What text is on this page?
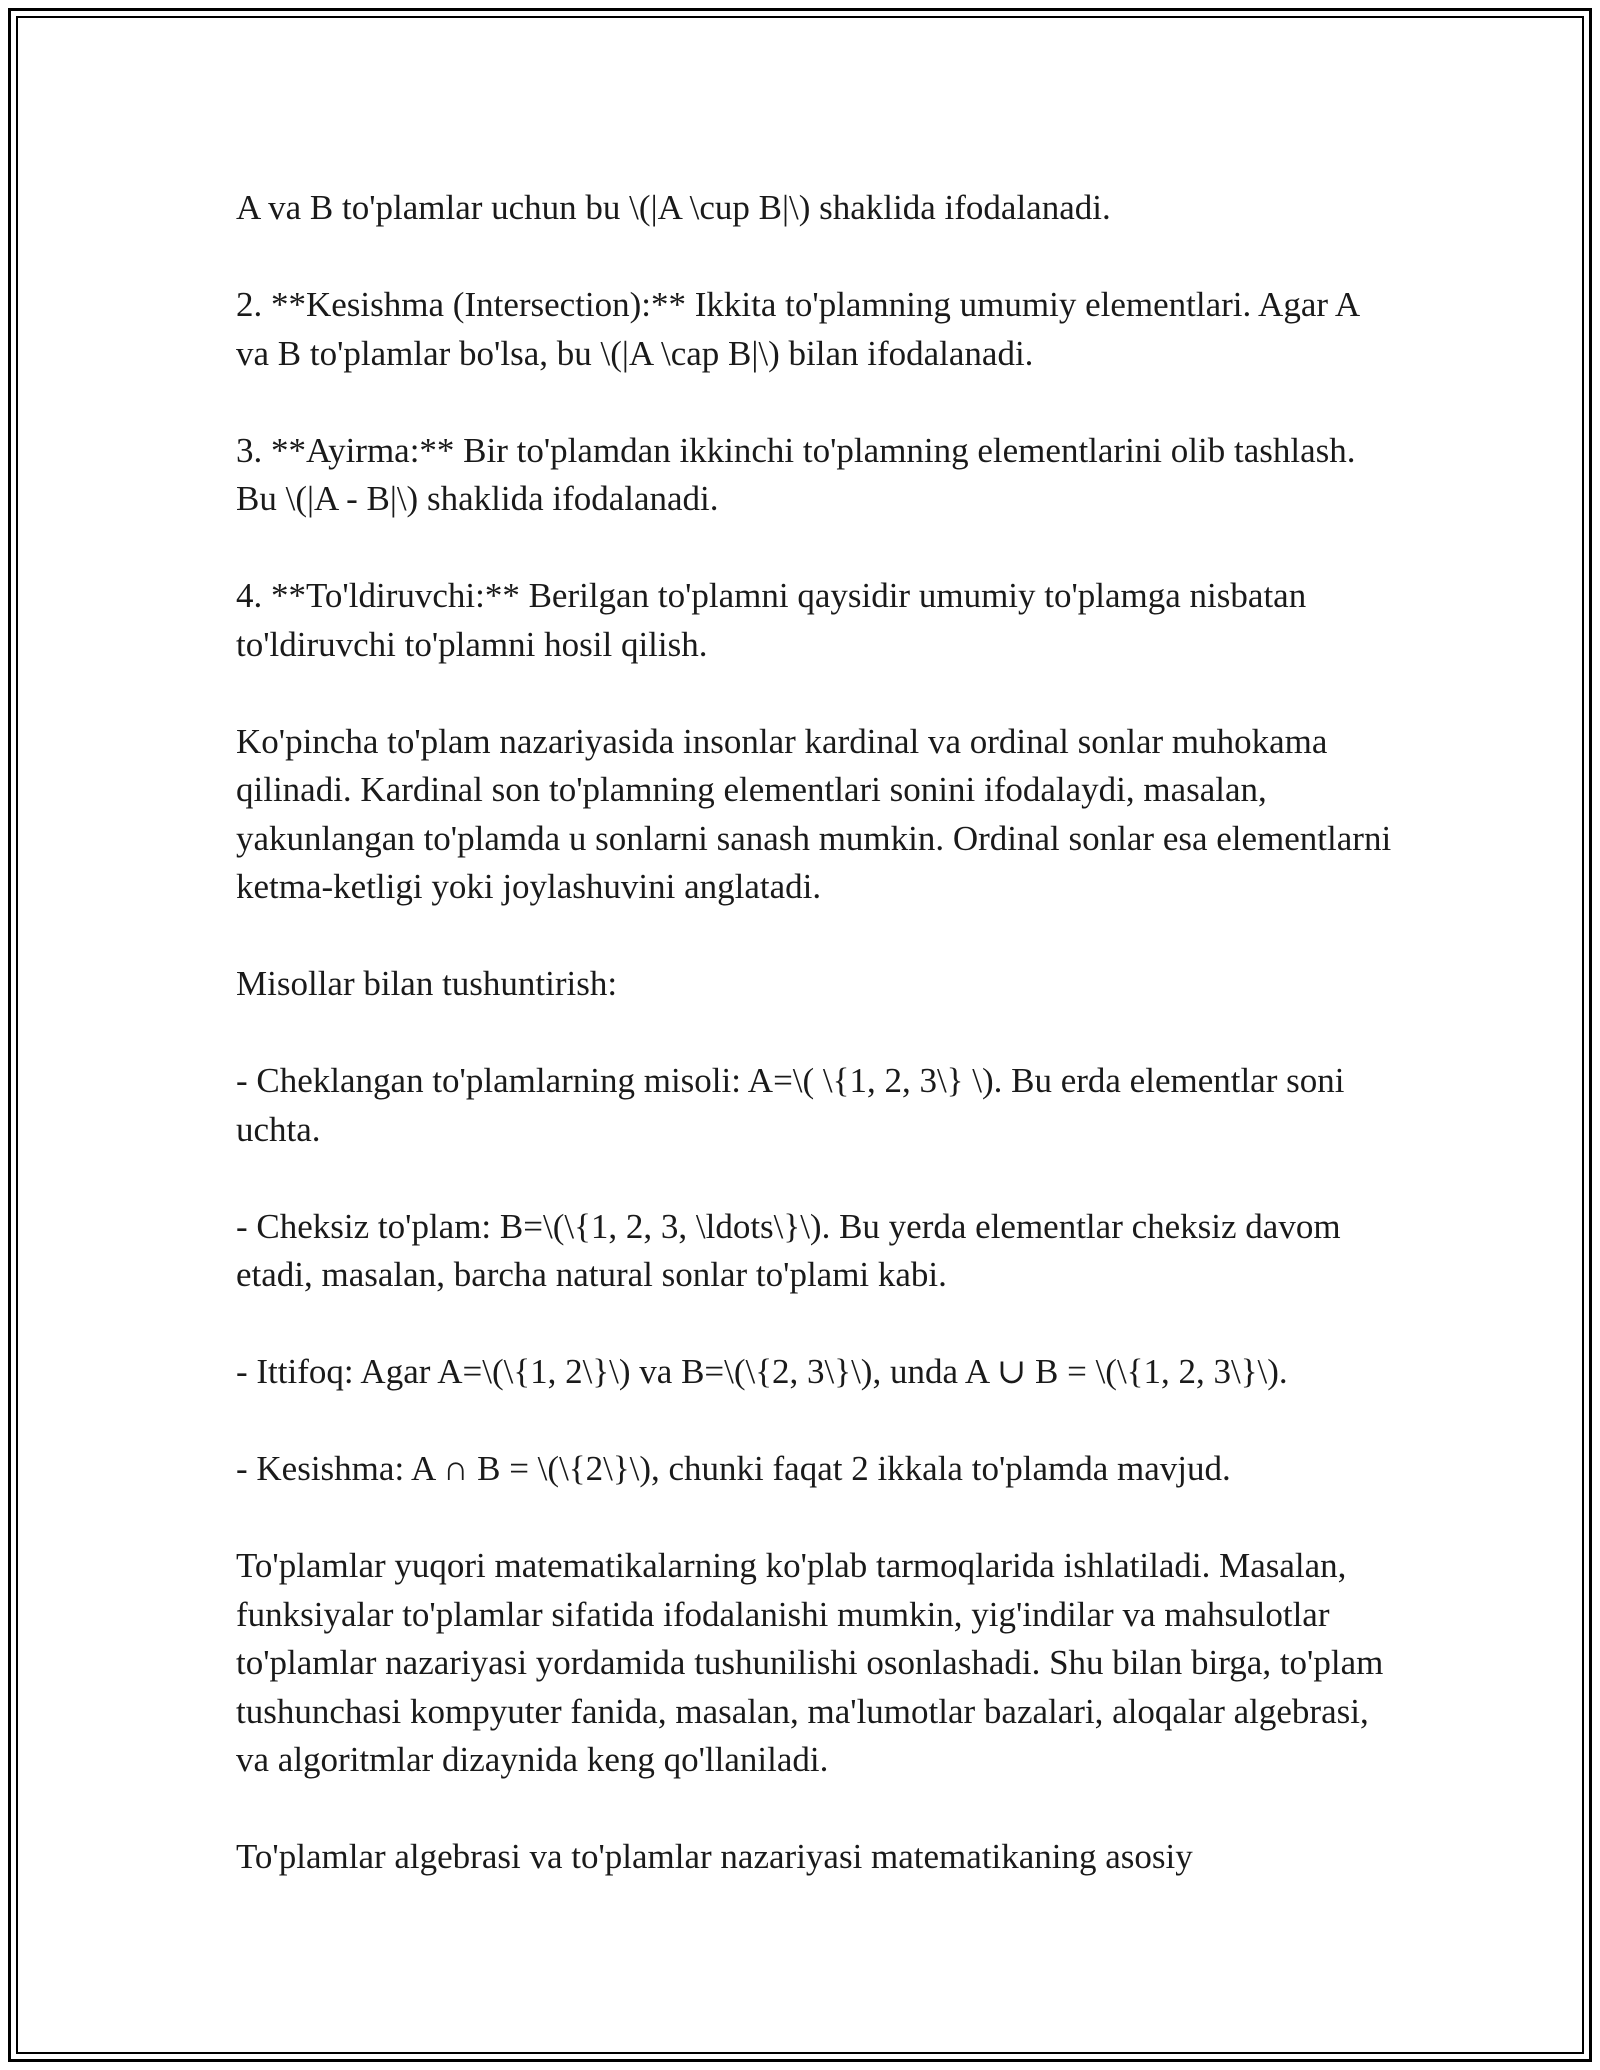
A va B to'plamlar uchun bu \(|A \cup B|\) shaklida ifodalanadi.

2. **Kesishma (Intersection):** Ikkita to'plamning umumiy elementlari. Agar A va B to'plamlar bo'lsa, bu \(|A \cap B|\) bilan ifodalanadi.

3. **Ayirma:** Bir to'plamdan ikkinchi to'plamning elementlarini olib tashlash. Bu \(|A - B|\) shaklida ifodalanadi.

4. **To'ldiruvchi:** Berilgan to'plamni qaysidir umumiy to'plamga nisbatan to'ldiruvchi to'plamni hosil qilish.

Ko'pincha to'plam nazariyasida insonlar kardinal va ordinal sonlar muhokama qilinadi. Kardinal son to'plamning elementlari sonini ifodalaydi, masalan, yakunlangan to'plamda u sonlarni sanash mumkin. Ordinal sonlar esa elementlarni ketma-ketligi yoki joylashuvini anglatadi.

Misollar bilan tushuntirish:

- Cheklangan to'plamlarning misoli: A=\( \{1, 2, 3\} \). Bu erda elementlar soni uchta.

- Cheksiz to'plam: B=\(\{1, 2, 3, \ldots\}\). Bu yerda elementlar cheksiz davom etadi, masalan, barcha natural sonlar to'plami kabi.

- Ittifoq: Agar A=\(\{1, 2\}\) va B=\(\{2, 3\}\), unda A ∪ B = \(\{1, 2, 3\}\).

- Kesishma: A ∩ B = \(\{2\}\), chunki faqat 2 ikkala to'plamda mavjud.

To'plamlar yuqori matematikalarning ko'plab tarmoqlarida ishlatiladi. Masalan, funksiyalar to'plamlar sifatida ifodalanishi mumkin, yig'indilar va mahsulotlar to'plamlar nazariyasi yordamida tushunilishi osonlashadi. Shu bilan birga, to'plam tushunchasi kompyuter fanida, masalan, ma'lumotlar bazalari, aloqalar algebrasi, va algoritmlar dizaynida keng qo'llaniladi.

To'plamlar algebrasi va to'plamlar nazariyasi matematikaning asosiy
